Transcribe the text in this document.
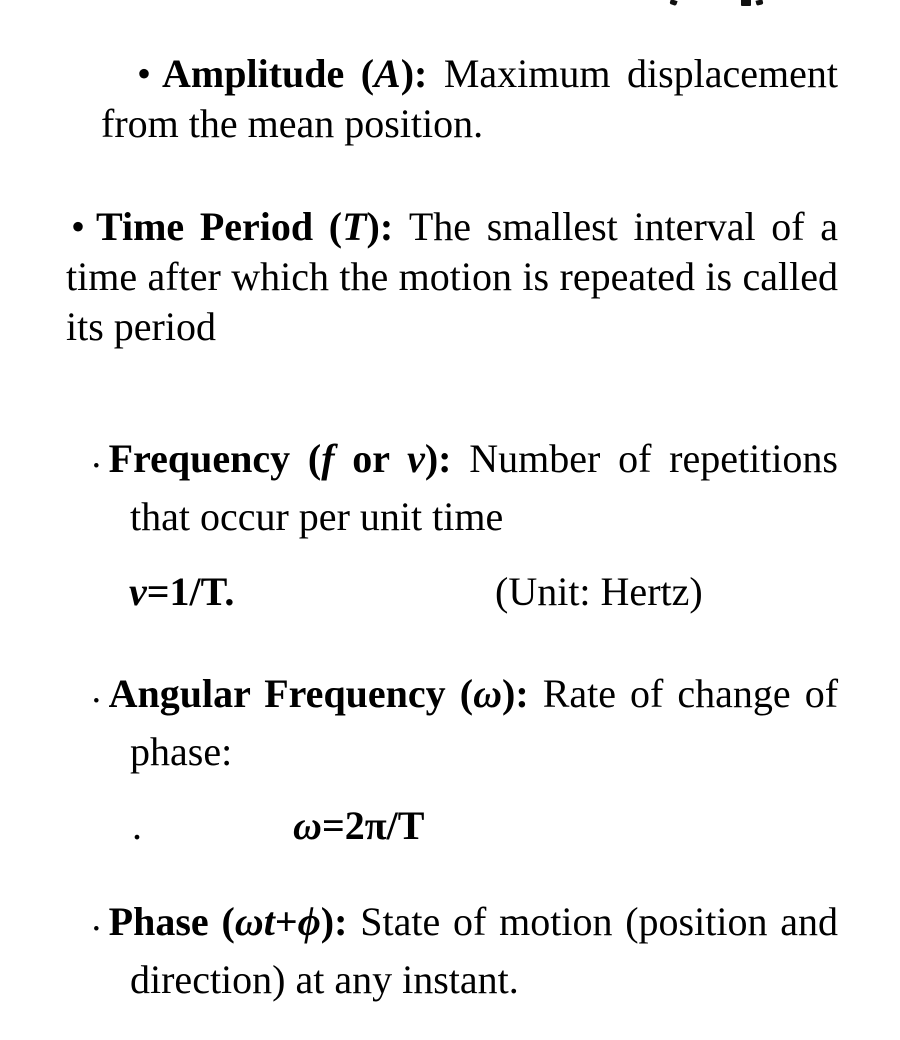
• Amplitude (A): Maximum displacement from the mean position.
• Time Period (T): The smallest interval of a time after which the motion is repeated is called its period
• Frequency (f or ν): Number of repetitions that occur per unit time
ν=1/T.	(Unit: Hertz)
• Angular Frequency (ω): Rate of change of phase:
.	ω=2π/T
• Phase (ωt+ϕ): State of motion (position and direction) at any instant.
